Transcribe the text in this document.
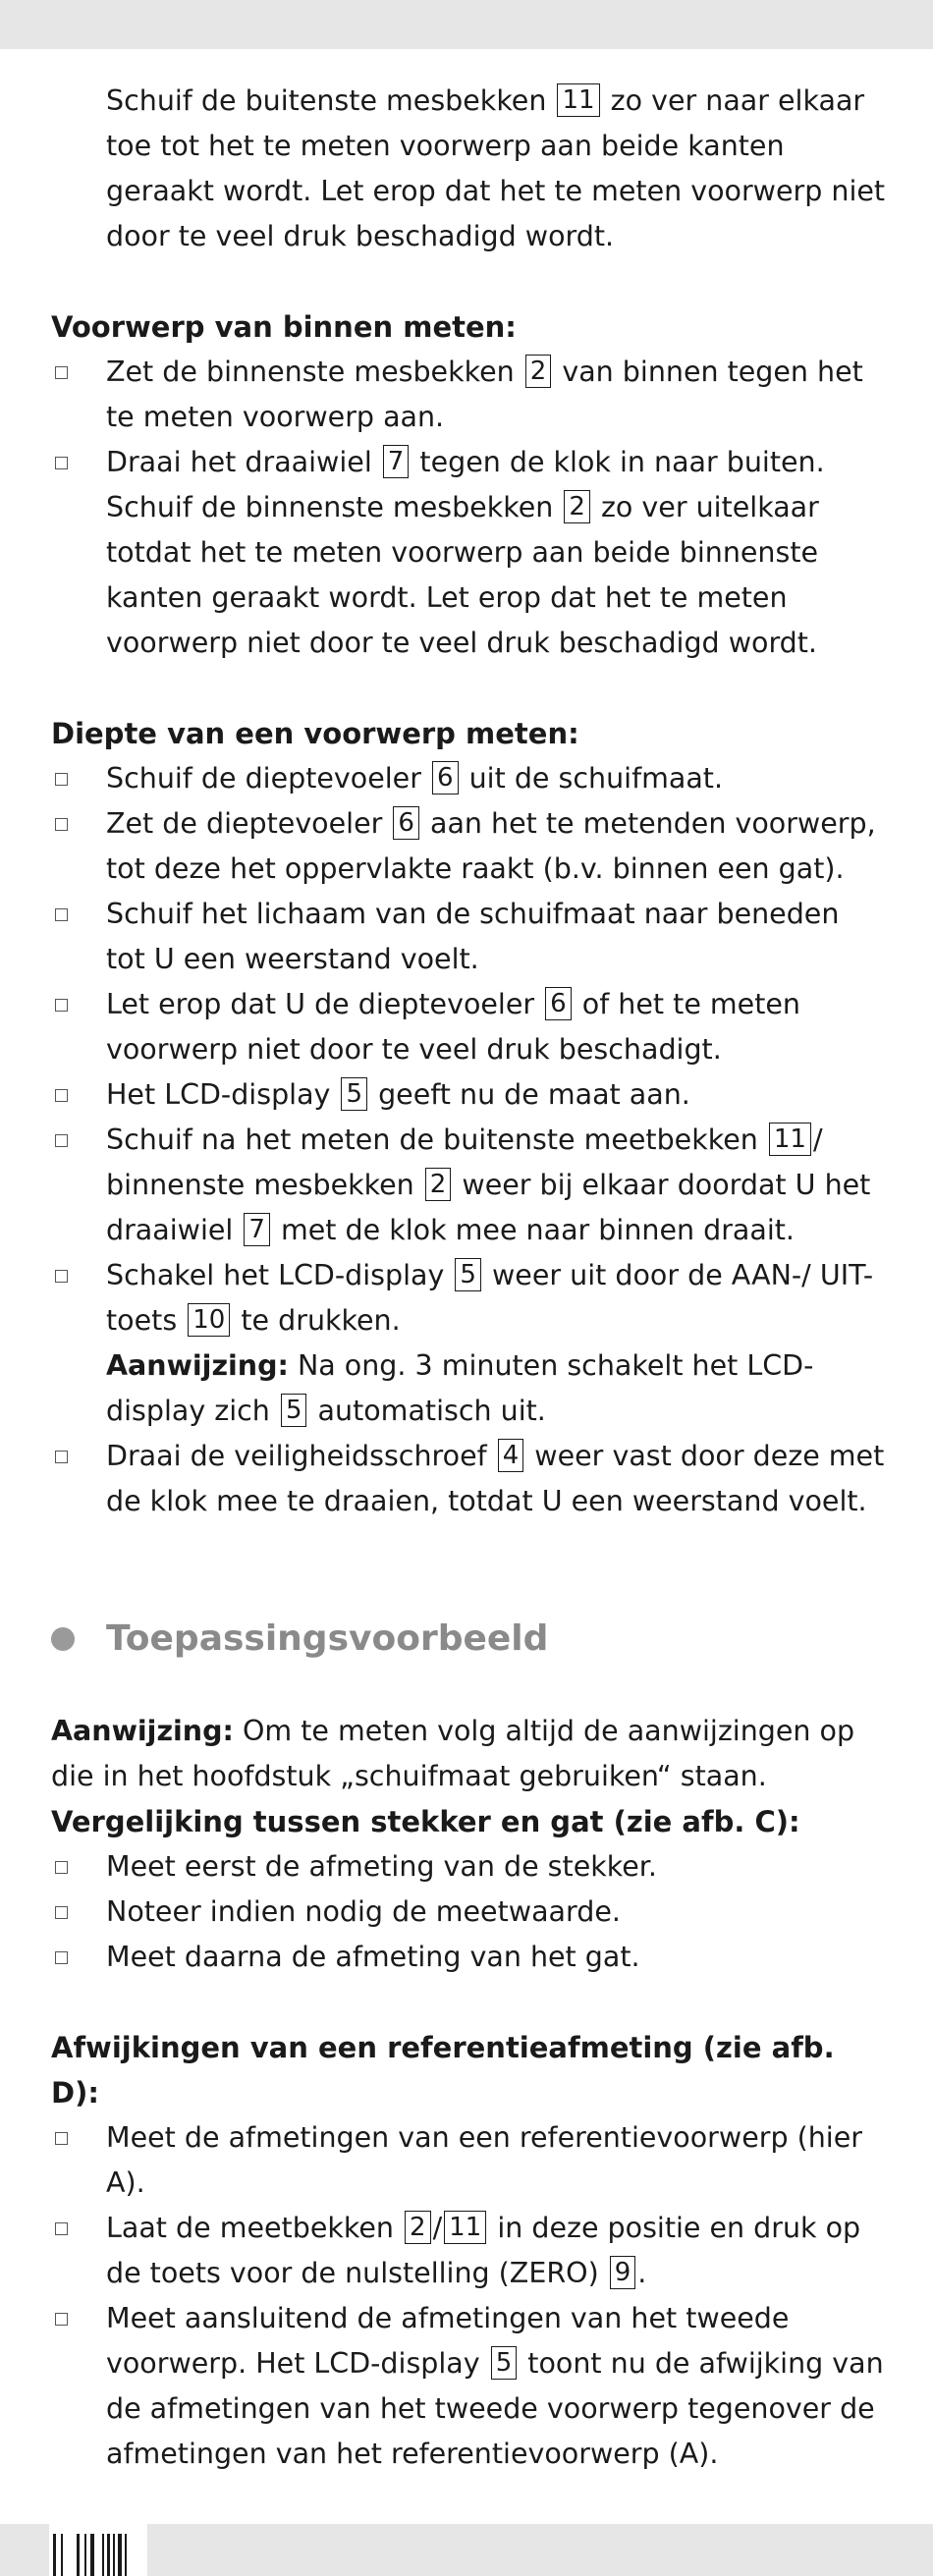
Schuif de buitenste mesbekken 11 zo ver naar elkaar toe tot het te meten voorwerp aan beide kanten geraakt wordt. Let erop dat het te meten voorwerp niet door te veel druk beschadigd wordt.

Voorwerp van binnen meten:
Zet de binnenste mesbekken 2 van binnen tegen het te meten voorwerp aan.
Draai het draaiwiel 7 tegen de klok in naar buiten. Schuif de binnenste mesbekken 2 zo ver uitelkaar totdat het te meten voorwerp aan beide binnenste kanten geraakt wordt. Let erop dat het te meten voorwerp niet door te veel druk beschadigd wordt.
Diepte van een voorwerp meten:
Schuif de dieptevoeler 6 uit de schuifmaat.
Zet de dieptevoeler 6 aan het te metenden voorwerp, tot deze het oppervlakte raakt (b.v. binnen een gat).
Schuif het lichaam van de schuifmaat naar beneden tot U een weerstand voelt.
Let erop dat U de dieptevoeler 6 of het te meten voorwerp niet door te veel druk beschadigt.
Het LCD-display 5 geeft nu de maat aan.
Schuif na het meten de buitenste meetbekken 11 / binnenste mesbekken 2 weer bij elkaar doordat U het draaiwiel 7 met de klok mee naar binnen draait.
Schakel het LCD-display 5 weer uit door de AAN-/ UIT-toets 10 te drukken.
Aanwijzing: Na ong. 3 minuten schakelt het LCD-display zich 5 automatisch uit.
Draai de veiligheidsschroef 4 weer vast door deze met de klok mee te draaien, totdat U een weerstand voelt.
Toepassingsvoorbeeld
Aanwijzing: Om te meten volg altijd de aanwijzingen op die in het hoofdstuk „schuifmaat gebruiken“ staan.
Vergelijking tussen stekker en gat (zie afb. C):
Meet eerst de afmeting van de stekker.
Noteer indien nodig de meetwaarde.
Meet daarna de afmeting van het gat.
Afwijkingen van een referentieafmeting (zie afb. D):
Meet de afmetingen van een referentievoorwerp (hier A).
Laat de meetbekken 2 / 11 in deze positie en druk op de toets voor de nulstelling (ZERO) 9 .
Meet aansluitend de afmetingen van het tweede voorwerp. Het LCD-display 5 toont nu de afwijking van de afmetingen van het tweede voorwerp tegenover de afmetingen van het referentievoorwerp (A).
